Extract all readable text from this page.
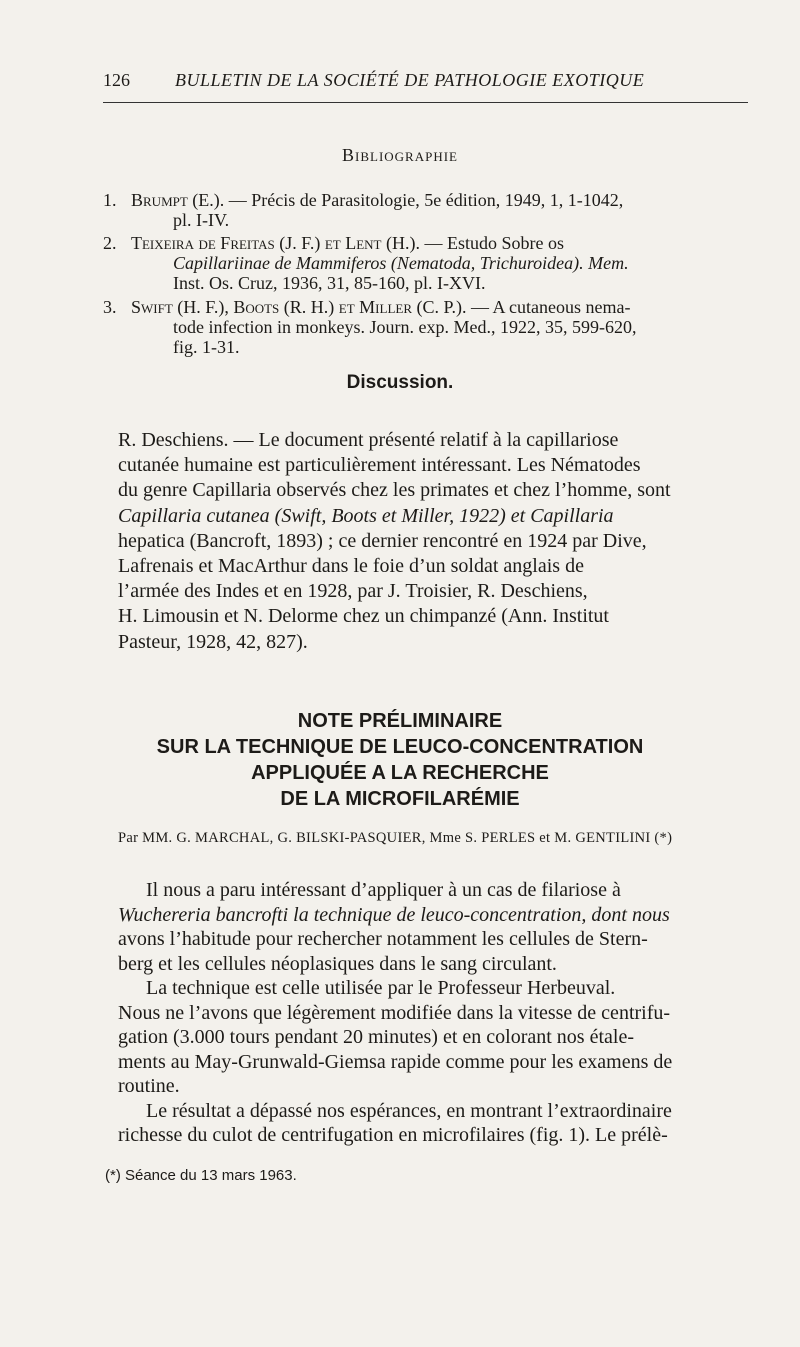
126	BULLETIN DE LA SOCIÉTÉ DE PATHOLOGIE EXOTIQUE
Bibliographie
1. Brumpt (E.). — Précis de Parasitologie, 5e édition, 1949, 1, 1-1042,
pl. I-IV.
2. Teixeira de Freitas (J. F.) et Lent (H.). — Estudo Sobre os
Capillariinae de Mammiferos (Nematoda, Trichuroidea). Mem.
Inst. Os. Cruz, 1936, 31, 85-160, pl. I-XVI.
3. Swift (H. F.), Boots (R. H.) et Miller (C. P.). — A cutaneous nema-
tode infection in monkeys. Journ. exp. Med., 1922, 35, 599-620,
fig. 1-31.
Discussion.

R. Deschiens. — Le document présenté relatif à la capillariose

cutanée humaine est particulièrement intéressant. Les Nématodes

du genre Capillaria observés chez les primates et chez l’homme, sont

Capillaria cutanea (Swift, Boots et Miller, 1922) et Capillaria

hepatica (Bancroft, 1893) ; ce dernier rencontré en 1924 par Dive,

Lafrenais et MacArthur dans le foie d’un soldat anglais de

l’armée des Indes et en 1928, par J. Troisier, R. Deschiens,

H. Limousin et N. Delorme chez un chimpanzé (Ann. Institut

Pasteur, 1928, 42, 827).

NOTE PRÉLIMINAIRE
SUR LA TECHNIQUE DE LEUCO-CONCENTRATION
APPLIQUÉE A LA RECHERCHE
DE LA MICROFILARÉMIE
Par MM. G. MARCHAL, G. BILSKI-PASQUIER, Mme S. PERLES et M. GENTILINI (*)

Il nous a paru intéressant d’appliquer à un cas de filariose à

Wuchereria bancrofti la technique de leuco-concentration, dont nous

avons l’habitude pour rechercher notamment les cellules de Stern-

berg et les cellules néoplasiques dans le sang circulant.

La technique est celle utilisée par le Professeur Herbeuval.

Nous ne l’avons que légèrement modifiée dans la vitesse de centrifu-

gation (3.000 tours pendant 20 minutes) et en colorant nos étale-

ments au May-Grunwald-Giemsa rapide comme pour les examens de

routine.

Le résultat a dépassé nos espérances, en montrant l’extraordinaire

richesse du culot de centrifugation en microfilaires (fig. 1). Le prélè-

(*) Séance du 13 mars 1963.
